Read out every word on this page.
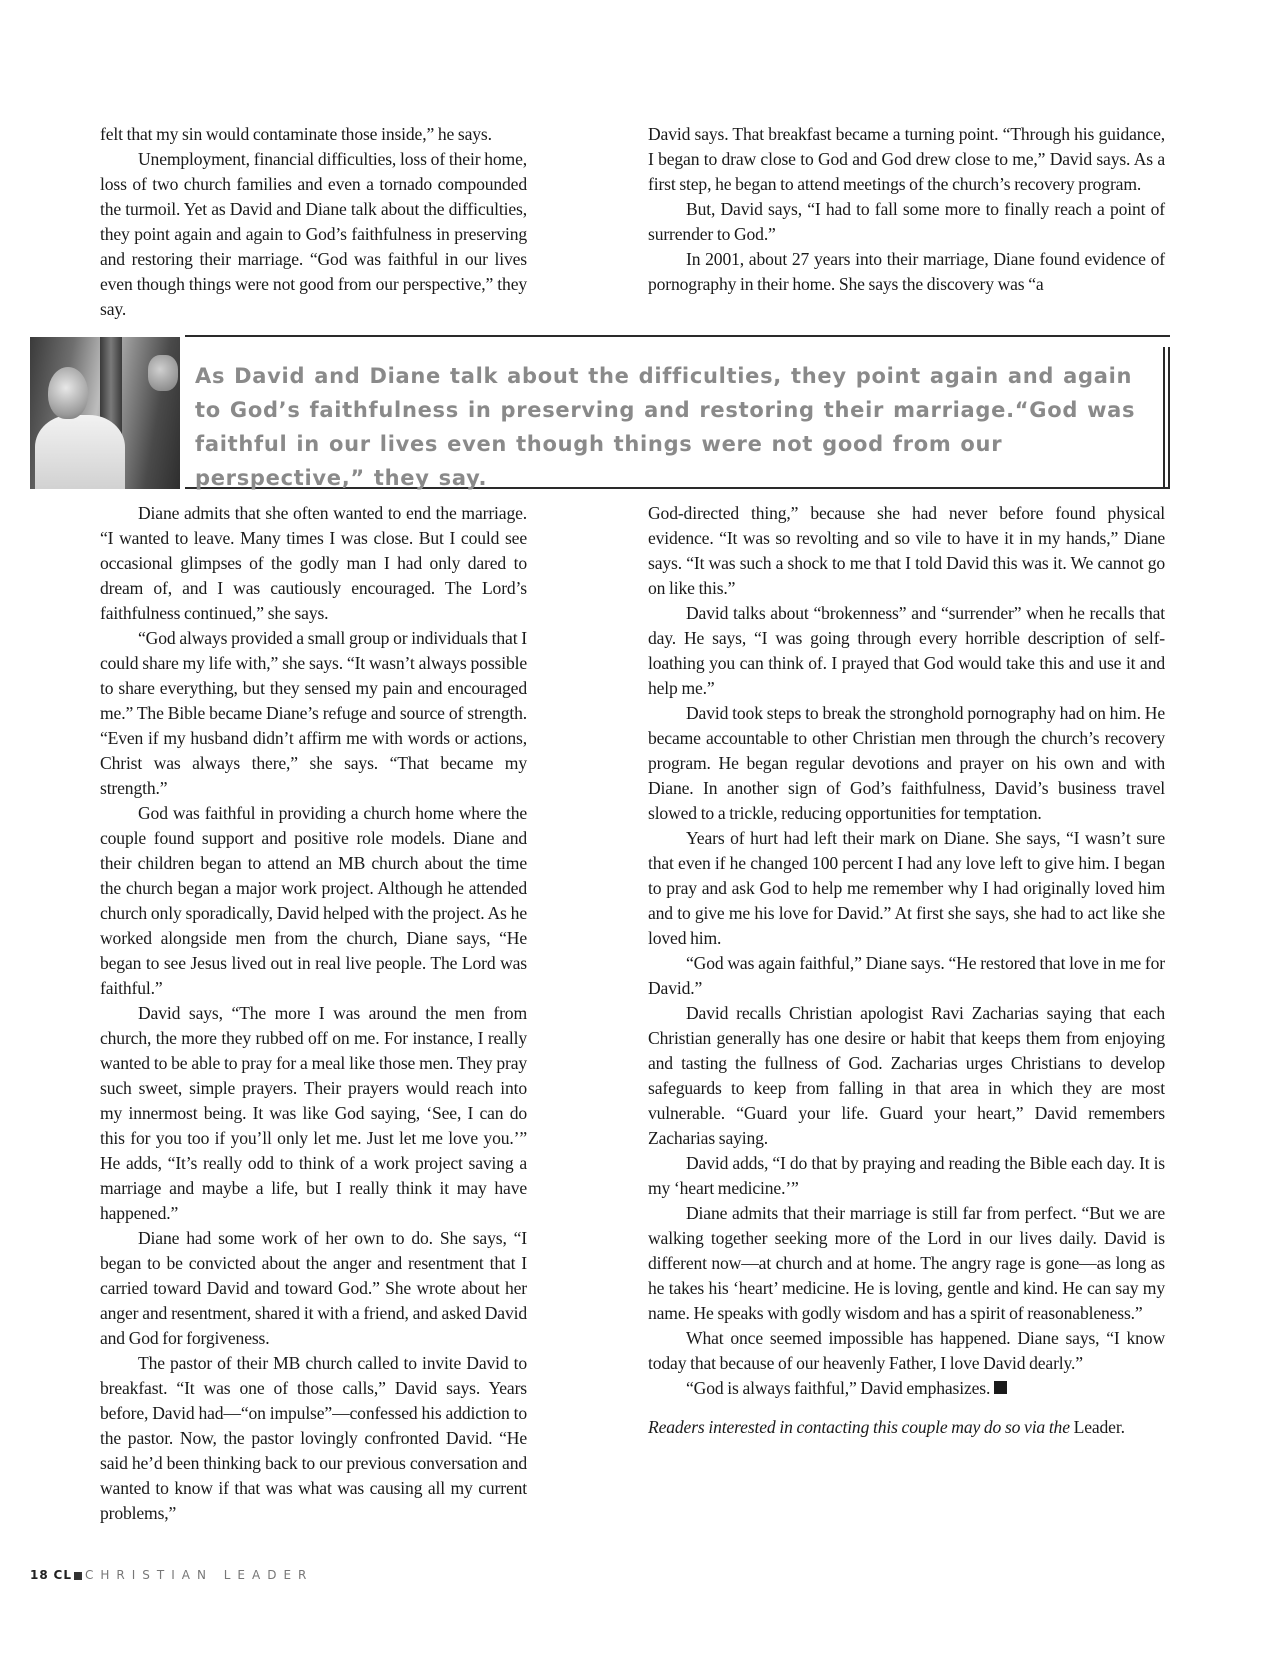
felt that my sin would contaminate those inside,” he says.

Unemployment, financial difficulties, loss of their home, loss of two church families and even a tornado compounded the turmoil. Yet as David and Diane talk about the difficulties, they point again and again to God’s faithfulness in preserving and restoring their marriage. “God was faithful in our lives even though things were not good from our perspective,” they say.

David says. That breakfast became a turning point. “Through his guidance, I began to draw close to God and God drew close to me,” David says. As a first step, he began to attend meetings of the church’s recovery program.

But, David says, “I had to fall some more to finally reach a point of surrender to God.”

In 2001, about 27 years into their marriage, Diane found evidence of pornography in their home. She says the discovery was “a

As David and Diane talk about the difficulties, they point again and again to God’s faithfulness in preserving and restoring their marriage.“God was faithful in our lives even though things were not good from our perspective,” they say.

Diane admits that she often wanted to end the marriage. “I wanted to leave. Many times I was close. But I could see occasional glimpses of the godly man I had only dared to dream of, and I was cautiously encouraged. The Lord’s faithfulness continued,” she says.

“God always provided a small group or individuals that I could share my life with,” she says. “It wasn’t always possible to share everything, but they sensed my pain and encouraged me.” The Bible became Diane’s refuge and source of strength. “Even if my husband didn’t affirm me with words or actions, Christ was always there,” she says. “That became my strength.”

God was faithful in providing a church home where the couple found support and positive role models. Diane and their children began to attend an MB church about the time the church began a major work project. Although he attended church only sporadically, David helped with the project. As he worked alongside men from the church, Diane says, “He began to see Jesus lived out in real live people. The Lord was faithful.”

David says, “The more I was around the men from church, the more they rubbed off on me. For instance, I really wanted to be able to pray for a meal like those men. They pray such sweet, simple prayers. Their prayers would reach into my innermost being. It was like God saying, ‘See, I can do this for you too if you’ll only let me. Just let me love you.’” He adds, “It’s really odd to think of a work project saving a marriage and maybe a life, but I really think it may have happened.”

Diane had some work of her own to do. She says, “I began to be convicted about the anger and resentment that I carried toward David and toward God.” She wrote about her anger and resentment, shared it with a friend, and asked David and God for forgiveness.

The pastor of their MB church called to invite David to breakfast. “It was one of those calls,” David says. Years before, David had—“on impulse”—confessed his addiction to the pastor. Now, the pastor lovingly confronted David. “He said he’d been thinking back to our previous conversation and wanted to know if that was what was causing all my current problems,”

God-directed thing,” because she had never before found physical evidence. “It was so revolting and so vile to have it in my hands,” Diane says. “It was such a shock to me that I told David this was it. We cannot go on like this.”

David talks about “brokenness” and “surrender” when he recalls that day. He says, “I was going through every horrible description of self-loathing you can think of. I prayed that God would take this and use it and help me.”

David took steps to break the stronghold pornography had on him. He became accountable to other Christian men through the church’s recovery program. He began regular devotions and prayer on his own and with Diane. In another sign of God’s faithfulness, David’s business travel slowed to a trickle, reducing opportunities for temptation.

Years of hurt had left their mark on Diane. She says, “I wasn’t sure that even if he changed 100 percent I had any love left to give him. I began to pray and ask God to help me remember why I had originally loved him and to give me his love for David.” At first she says, she had to act like she loved him.

“God was again faithful,” Diane says. “He restored that love in me for David.”

David recalls Christian apologist Ravi Zacharias saying that each Christian generally has one desire or habit that keeps them from enjoying and tasting the fullness of God. Zacharias urges Christians to develop safeguards to keep from falling in that area in which they are most vulnerable. “Guard your life. Guard your heart,” David remembers Zacharias saying.

David adds, “I do that by praying and reading the Bible each day. It is my ‘heart medicine.’”

Diane admits that their marriage is still far from perfect. “But we are walking together seeking more of the Lord in our lives daily. David is different now—at church and at home. The angry rage is gone—as long as he takes his ‘heart’ medicine. He is loving, gentle and kind. He can say my name. He speaks with godly wisdom and has a spirit of reasonableness.”

What once seemed impossible has happened. Diane says, “I know today that because of our heavenly Father, I love David dearly.”

“God is always faithful,” David emphasizes.

Readers interested in contacting this couple may do so via the Leader.

18 CL CHRISTIAN LEADER
